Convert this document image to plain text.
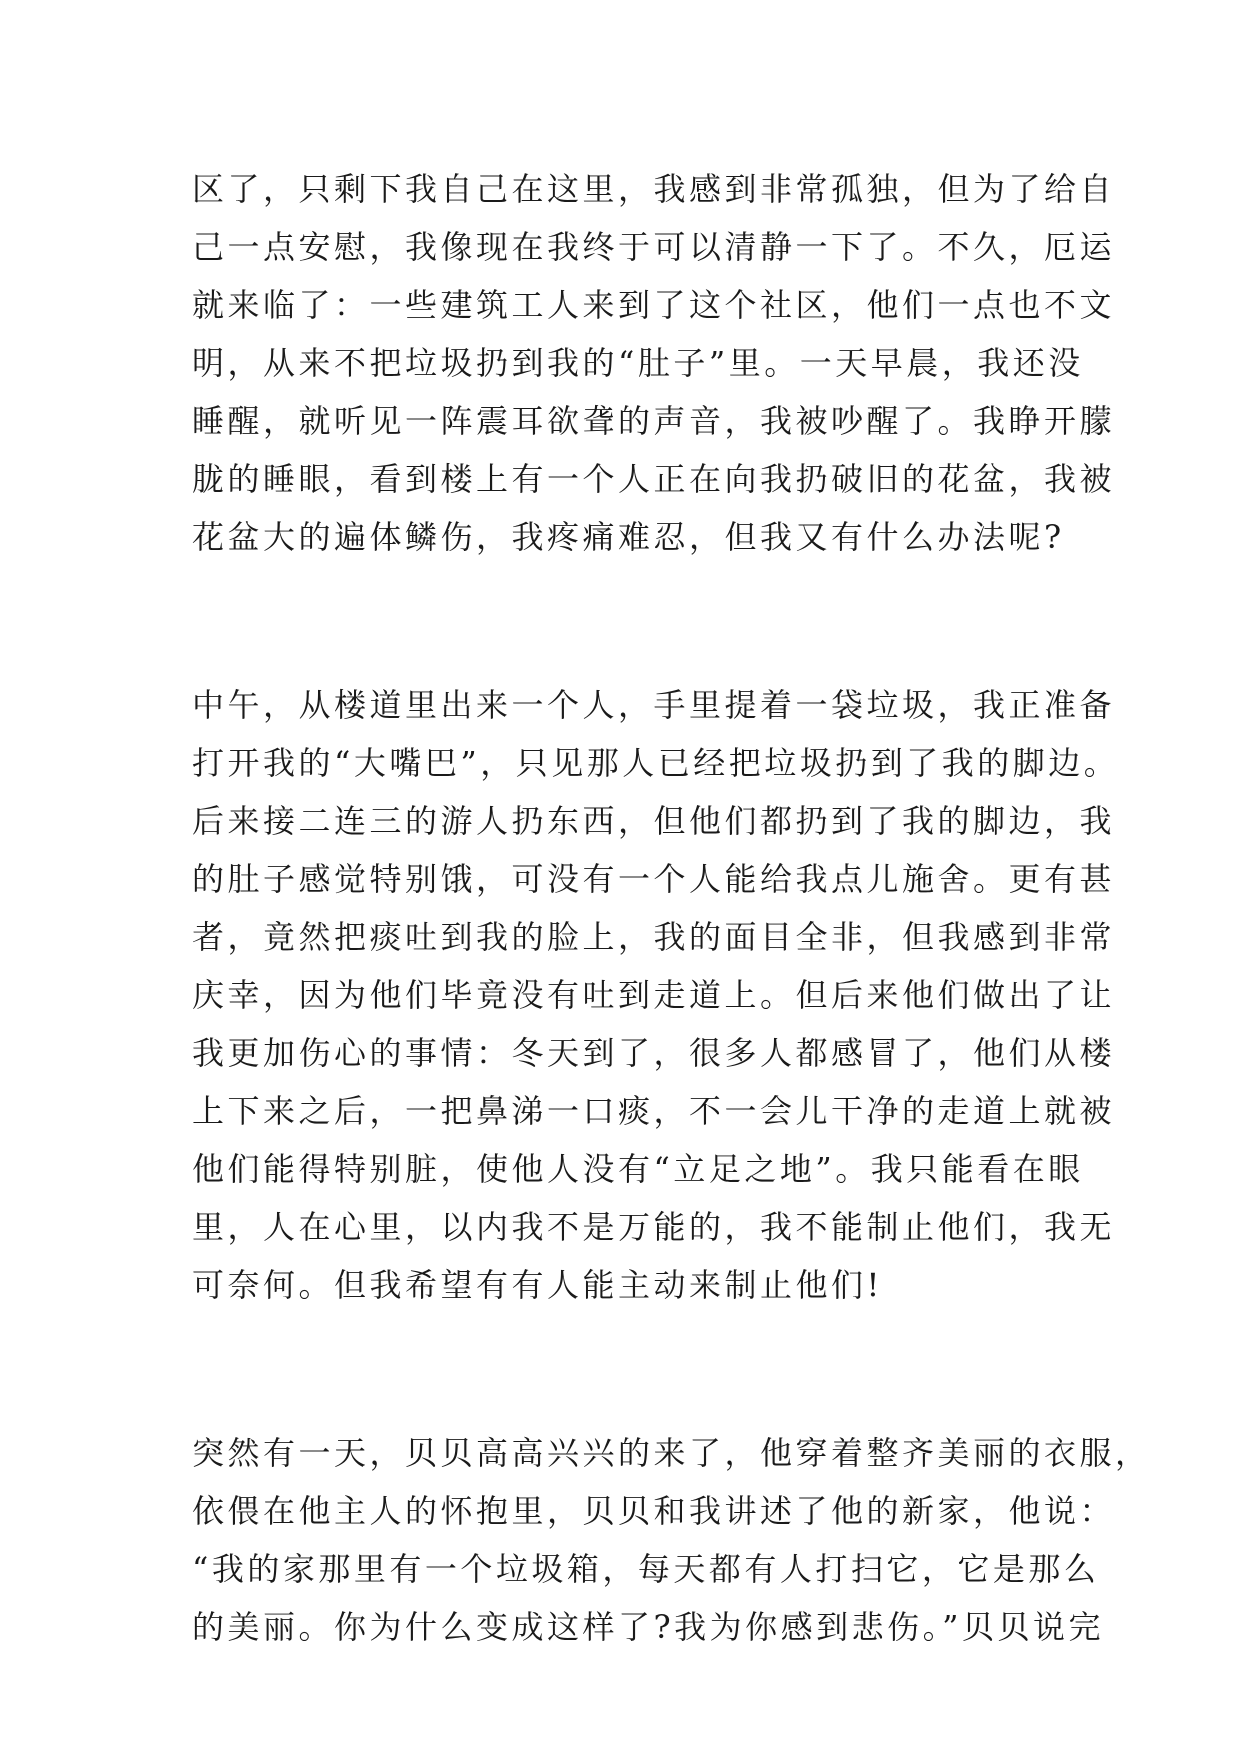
区了，只剩下我自己在这里，我感到非常孤独，但为了给自
己一点安慰，我像现在我终于可以清静一下了。不久，厄运
就来临了：一些建筑工人来到了这个社区，他们一点也不文
明，从来不把垃圾扔到我的“肚子”里。一天早晨，我还没
睡醒，就听见一阵震耳欲聋的声音，我被吵醒了。我睁开朦
胧的睡眼，看到楼上有一个人正在向我扔破旧的花盆，我被
花盆大的遍体鳞伤，我疼痛难忍，但我又有什么办法呢?
中午，从楼道里出来一个人，手里提着一袋垃圾，我正准备
打开我的“大嘴巴”，只见那人已经把垃圾扔到了我的脚边。
后来接二连三的游人扔东西，但他们都扔到了我的脚边，我
的肚子感觉特别饿，可没有一个人能给我点儿施舍。更有甚
者，竟然把痰吐到我的脸上，我的面目全非，但我感到非常
庆幸，因为他们毕竟没有吐到走道上。但后来他们做出了让
我更加伤心的事情：冬天到了，很多人都感冒了，他们从楼
上下来之后，一把鼻涕一口痰，不一会儿干净的走道上就被
他们能得特别脏，使他人没有“立足之地”。我只能看在眼
里，人在心里，以内我不是万能的，我不能制止他们，我无
可奈何。但我希望有有人能主动来制止他们!
突然有一天，贝贝高高兴兴的来了，他穿着整齐美丽的衣服，
依偎在他主人的怀抱里，贝贝和我讲述了他的新家，他说：
“我的家那里有一个垃圾箱，每天都有人打扫它，它是那么
的美丽。你为什么变成这样了?我为你感到悲伤。”贝贝说完
